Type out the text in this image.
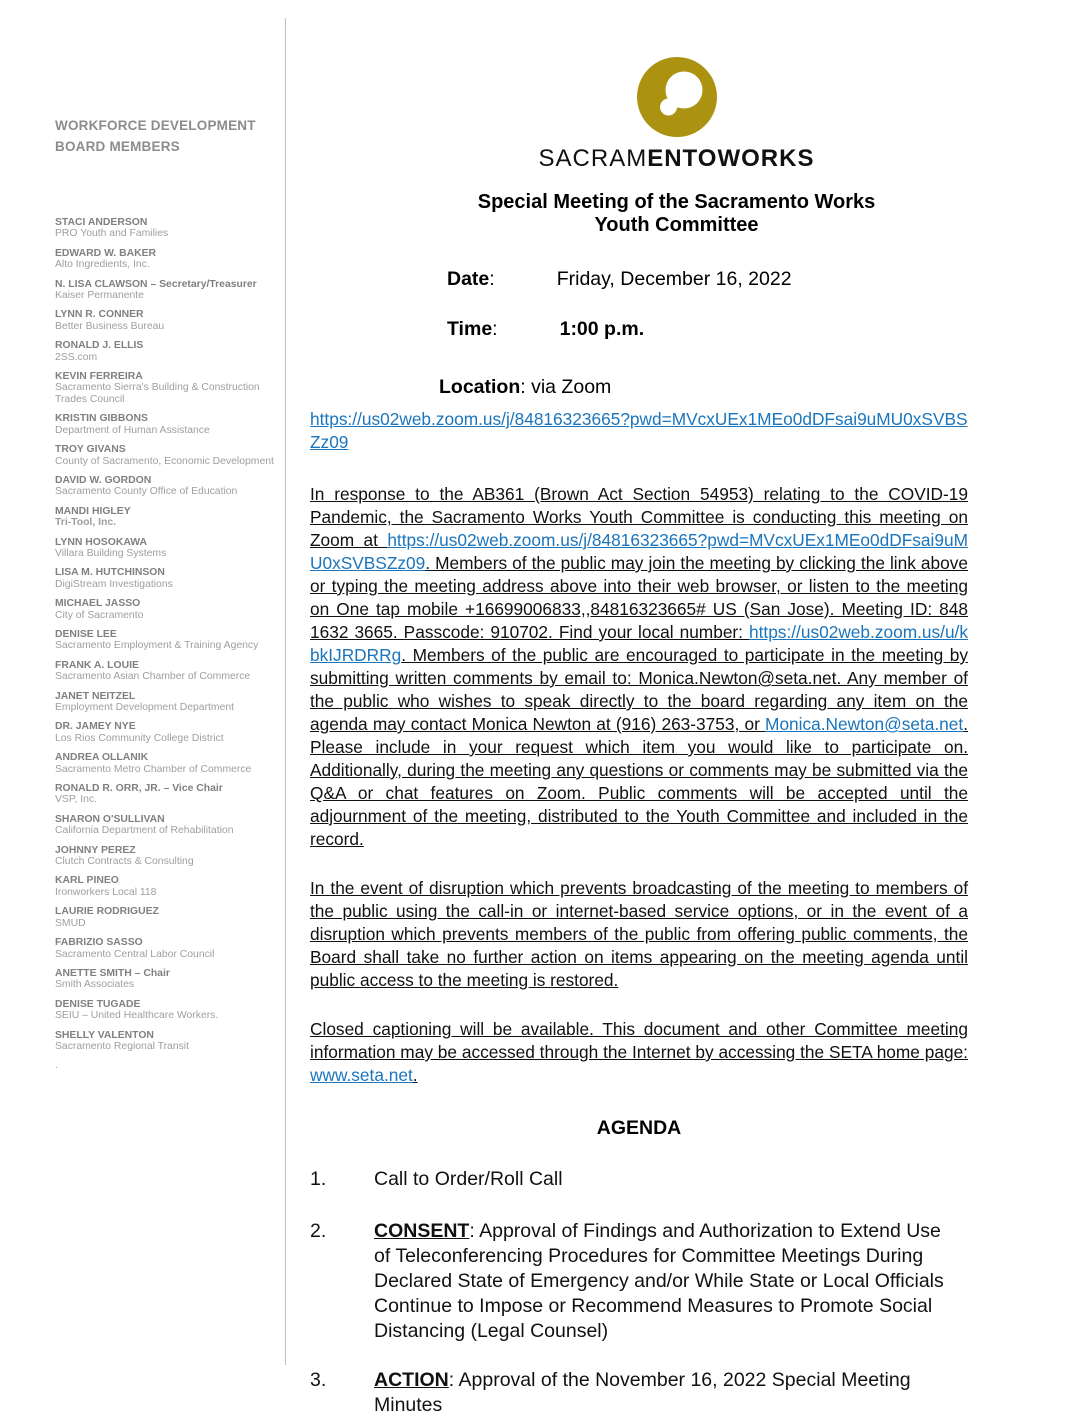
WORKFORCE DEVELOPMENT BOARD MEMBERS
STACI ANDERSON
PRO Youth and Families
EDWARD W. BAKER
Alto Ingredients, Inc.
N. LISA CLAWSON – Secretary/Treasurer
Kaiser Permanente
LYNN R. CONNER
Better Business Bureau
RONALD J. ELLIS
2SS.com
KEVIN FERREIRA
Sacramento Sierra's Building & Construction Trades Council
KRISTIN GIBBONS
Department of Human Assistance
TROY GIVANS
County of Sacramento, Economic Development
DAVID W. GORDON
Sacramento County Office of Education
MANDI HIGLEY
Tri-Tool, Inc.
LYNN HOSOKAWA
Villara Building Systems
LISA M. HUTCHINSON
DigiStream Investigations
MICHAEL JASSO
City of Sacramento
DENISE LEE
Sacramento Employment & Training Agency
FRANK A. LOUIE
Sacramento Asian Chamber of Commerce
JANET NEITZEL
Employment Development Department
DR. JAMEY NYE
Los Rios Community College District
ANDREA OLLANIK
Sacramento Metro Chamber of Commerce
RONALD R. ORR, JR. – Vice Chair
VSP, Inc.
SHARON O'SULLIVAN
California Department of Rehabilitation
JOHNNY PEREZ
Clutch Contracts & Consulting
KARL PINEO
Ironworkers Local 118
LAURIE RODRIGUEZ
SMUD
FABRIZIO SASSO
Sacramento Central Labor Council
ANETTE SMITH – Chair
Smith Associates
DENISE TUGADE
SEIU – United Healthcare Workers.
SHELLY VALENTON
Sacramento Regional Transit
.
SACRAMENTOWORKS
Special Meeting of the Sacramento Works
Youth Committee
Date:	Friday, December 16, 2022
Time:	1:00 p.m.
Location: via Zoom
https://us02web.zoom.us/j/84816323665?pwd=MVcxUEx1MEo0dDFsai9uMU0xSVBSZz09

In response to the AB361 (Brown Act Section 54953) relating to the COVID-19 Pandemic, the Sacramento Works Youth Committee is conducting this meeting on Zoom at https://us02web.zoom.us/j/84816323665?pwd=MVcxUEx1MEo0dDFsai9uMU0xSVBSZz09. Members of the public may join the meeting by clicking the link above or typing the meeting address above into their web browser, or listen to the meeting on One tap mobile +16699006833,,84816323665# US (San Jose). Meeting ID: 848 1632 3665. Passcode: 910702. Find your local number: https://us02web.zoom.us/u/kbkIJRDRRg. Members of the public are encouraged to participate in the meeting by submitting written comments by email to: Monica.Newton@seta.net. Any member of the public who wishes to speak directly to the board regarding any item on the agenda may contact Monica Newton at (916) 263-3753, or Monica.Newton@seta.net. Please include in your request which item you would like to participate on. Additionally, during the meeting any questions or comments may be submitted via the Q&A or chat features on Zoom. Public comments will be accepted until the adjournment of the meeting, distributed to the Youth Committee and included in the record.

In the event of disruption which prevents broadcasting of the meeting to members of the public using the call-in or internet-based service options, or in the event of a disruption which prevents members of the public from offering public comments, the Board shall take no further action on items appearing on the meeting agenda until public access to the meeting is restored.

Closed captioning will be available. This document and other Committee meeting information may be accessed through the Internet by accessing the SETA home page: www.seta.net.

AGENDA
1.	Call to Order/Roll Call
2.	CONSENT: Approval of Findings and Authorization to Extend Use of Teleconferencing Procedures for Committee Meetings During Declared State of Emergency and/or While State or Local Officials Continue to Impose or Recommend Measures to Promote Social Distancing (Legal Counsel)
3.	ACTION: Approval of the November 16, 2022 Special Meeting Minutes
